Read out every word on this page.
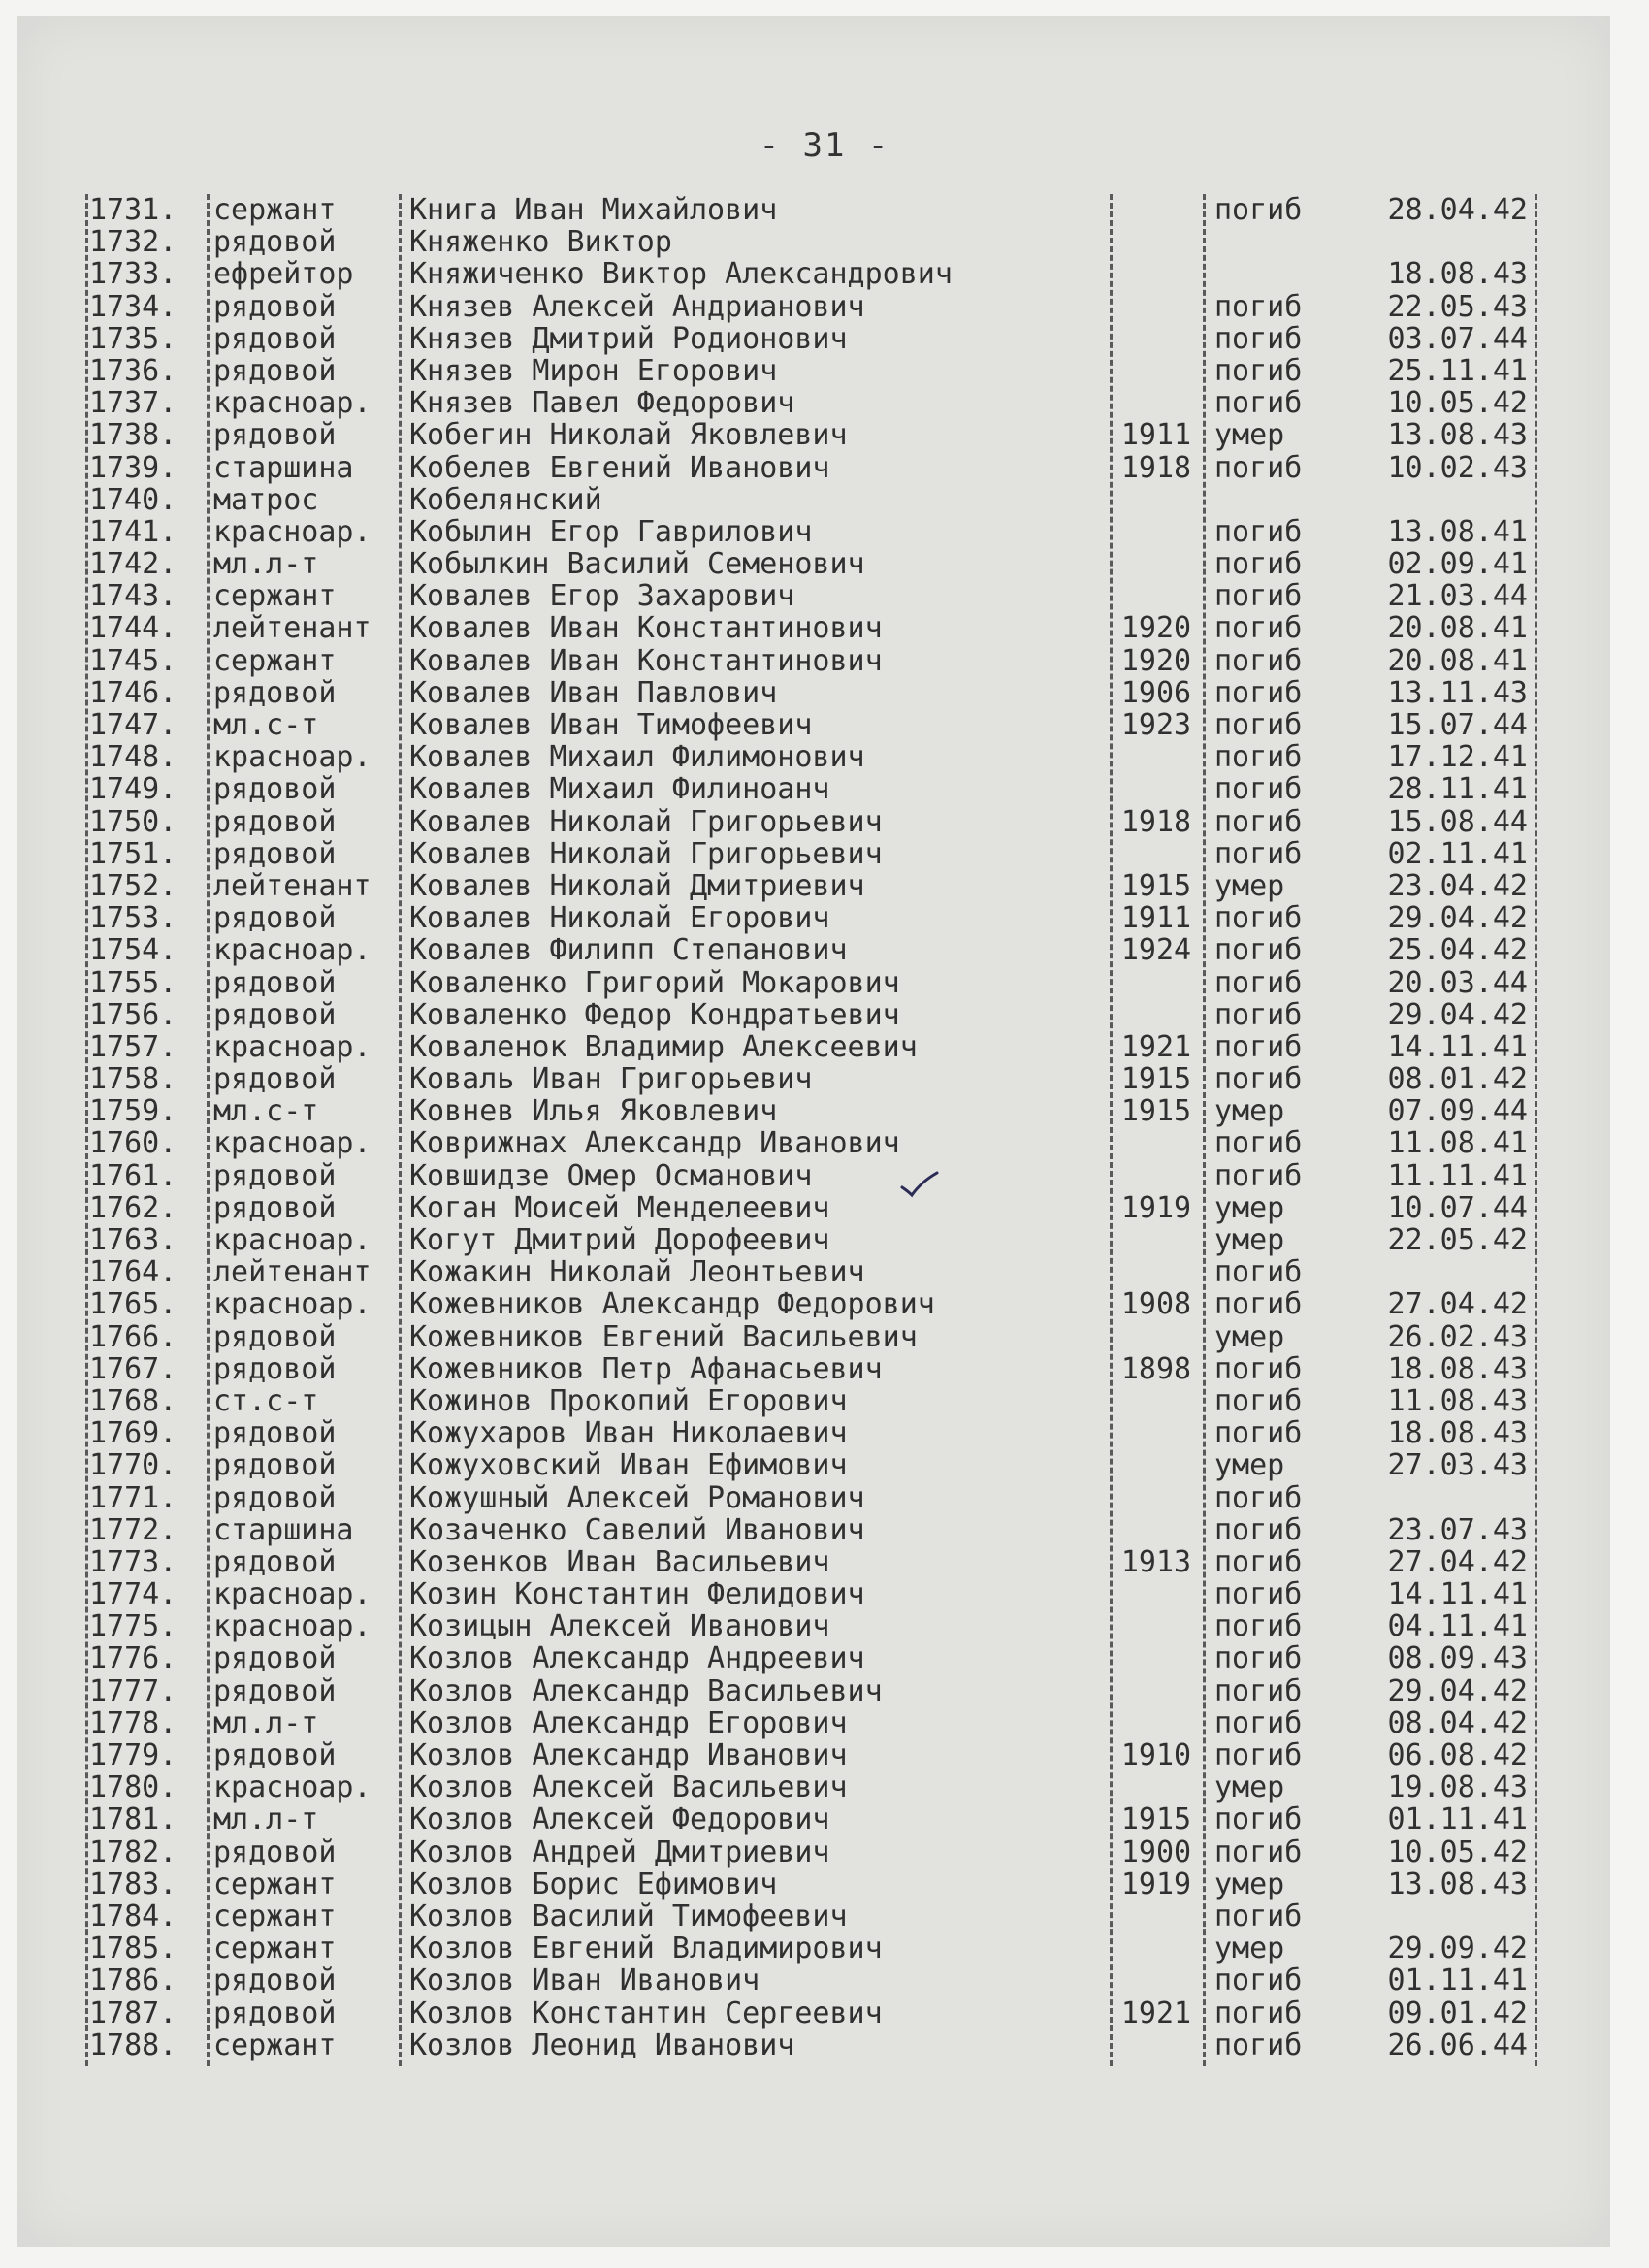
- 31 -
1731.	сержант	Книга Иван Михайлович	погиб	28.04.42
1732.	рядовой	Княженко Виктор
1733.	ефрейтор	Княжиченко Виктор Александрович	18.08.43
1734.	рядовой	Князев Алексей Андрианович	погиб	22.05.43
1735.	рядовой	Князев Дмитрий Родионович	погиб	03.07.44
1736.	рядовой	Князев Мирон Егорович	погиб	25.11.41
1737.	красноар.	Князев Павел Федорович	погиб	10.05.42
1738.	рядовой	Кобегин Николай Яковлевич	1911 умер	13.08.43
1739.	старшина	Кобелев Евгений Иванович	1918 погиб	10.02.43
1740.	матрос	Кобелянский
1741.	красноар.	Кобылин Егор Гаврилович	погиб	13.08.41
1742.	мл.л-т	Кобылкин Василий Семенович	погиб	02.09.41
1743.	сержант	Ковалев Егор Захарович	погиб	21.03.44
1744.	лейтенант	Ковалев Иван Константинович	1920 погиб	20.08.41
1745.	сержант	Ковалев Иван Константинович	1920 погиб	20.08.41
1746.	рядовой	Ковалев Иван Павлович	1906 погиб	13.11.43
1747.	мл.с-т	Ковалев Иван Тимофеевич	1923 погиб	15.07.44
1748.	красноар.	Ковалев Михаил Филимонович	погиб	17.12.41
1749.	рядовой	Ковалев Михаил Филиноанч	погиб	28.11.41
1750.	рядовой	Ковалев Николай Григорьевич	1918 погиб	15.08.44
1751.	рядовой	Ковалев Николай Григорьевич	погиб	02.11.41
1752.	лейтенант	Ковалев Николай Дмитриевич	1915 умер	23.04.42
1753.	рядовой	Ковалев Николай Егорович	1911 погиб	29.04.42
1754.	красноар.	Ковалев Филипп Степанович	1924 погиб	25.04.42
1755.	рядовой	Коваленко Григорий Мокарович	погиб	20.03.44
1756.	рядовой	Коваленко Федор Кондратьевич	погиб	29.04.42
1757.	красноар.	Коваленок Владимир Алексеевич	1921 погиб	14.11.41
1758.	рядовой	Коваль Иван Григорьевич	1915 погиб	08.01.42
1759.	мл.с-т	Ковнев Илья Яковлевич	1915 умер	07.09.44
1760.	красноар.	Коврижнах Александр Иванович	погиб	11.08.41
1761.	рядовой	Ковшидзе Омер Османович	погиб	11.11.41
1762.	рядовой	Коган Моисей Менделеевич	1919 умер	10.07.44
1763.	красноар.	Когут Дмитрий Дорофеевич	умер	22.05.42
1764.	лейтенант	Кожакин Николай Леонтьевич	погиб
1765.	красноар.	Кожевников Александр Федорович	1908 погиб	27.04.42
1766.	рядовой	Кожевников Евгений Васильевич	умер	26.02.43
1767.	рядовой	Кожевников Петр Афанасьевич	1898 погиб	18.08.43
1768.	ст.с-т	Кожинов Прокопий Егорович	погиб	11.08.43
1769.	рядовой	Кожухаров Иван Николаевич	погиб	18.08.43
1770.	рядовой	Кожуховский Иван Ефимович	умер	27.03.43
1771.	рядовой	Кожушный Алексей Романович	погиб
1772.	старшина	Козаченко Савелий Иванович	погиб	23.07.43
1773.	рядовой	Козенков Иван Васильевич	1913 погиб	27.04.42
1774.	красноар.	Козин Константин Фелидович	погиб	14.11.41
1775.	красноар.	Козицын Алексей Иванович	погиб	04.11.41
1776.	рядовой	Козлов Александр Андреевич	погиб	08.09.43
1777.	рядовой	Козлов Александр Васильевич	погиб	29.04.42
1778.	мл.л-т	Козлов Александр Егорович	погиб	08.04.42
1779.	рядовой	Козлов Александр Иванович	1910 погиб	06.08.42
1780.	красноар.	Козлов Алексей Васильевич	умер	19.08.43
1781.	мл.л-т	Козлов Алексей Федорович	1915 погиб	01.11.41
1782.	рядовой	Козлов Андрей Дмитриевич	1900 погиб	10.05.42
1783.	сержант	Козлов Борис Ефимович	1919 умер	13.08.43
1784.	сержант	Козлов Василий Тимофеевич	погиб
1785.	сержант	Козлов Евгений Владимирович	умер	29.09.42
1786.	рядовой	Козлов Иван Иванович	погиб	01.11.41
1787.	рядовой	Козлов Константин Сергеевич	1921 погиб	09.01.42
1788.	сержант	Козлов Леонид Иванович	погиб	26.06.44
